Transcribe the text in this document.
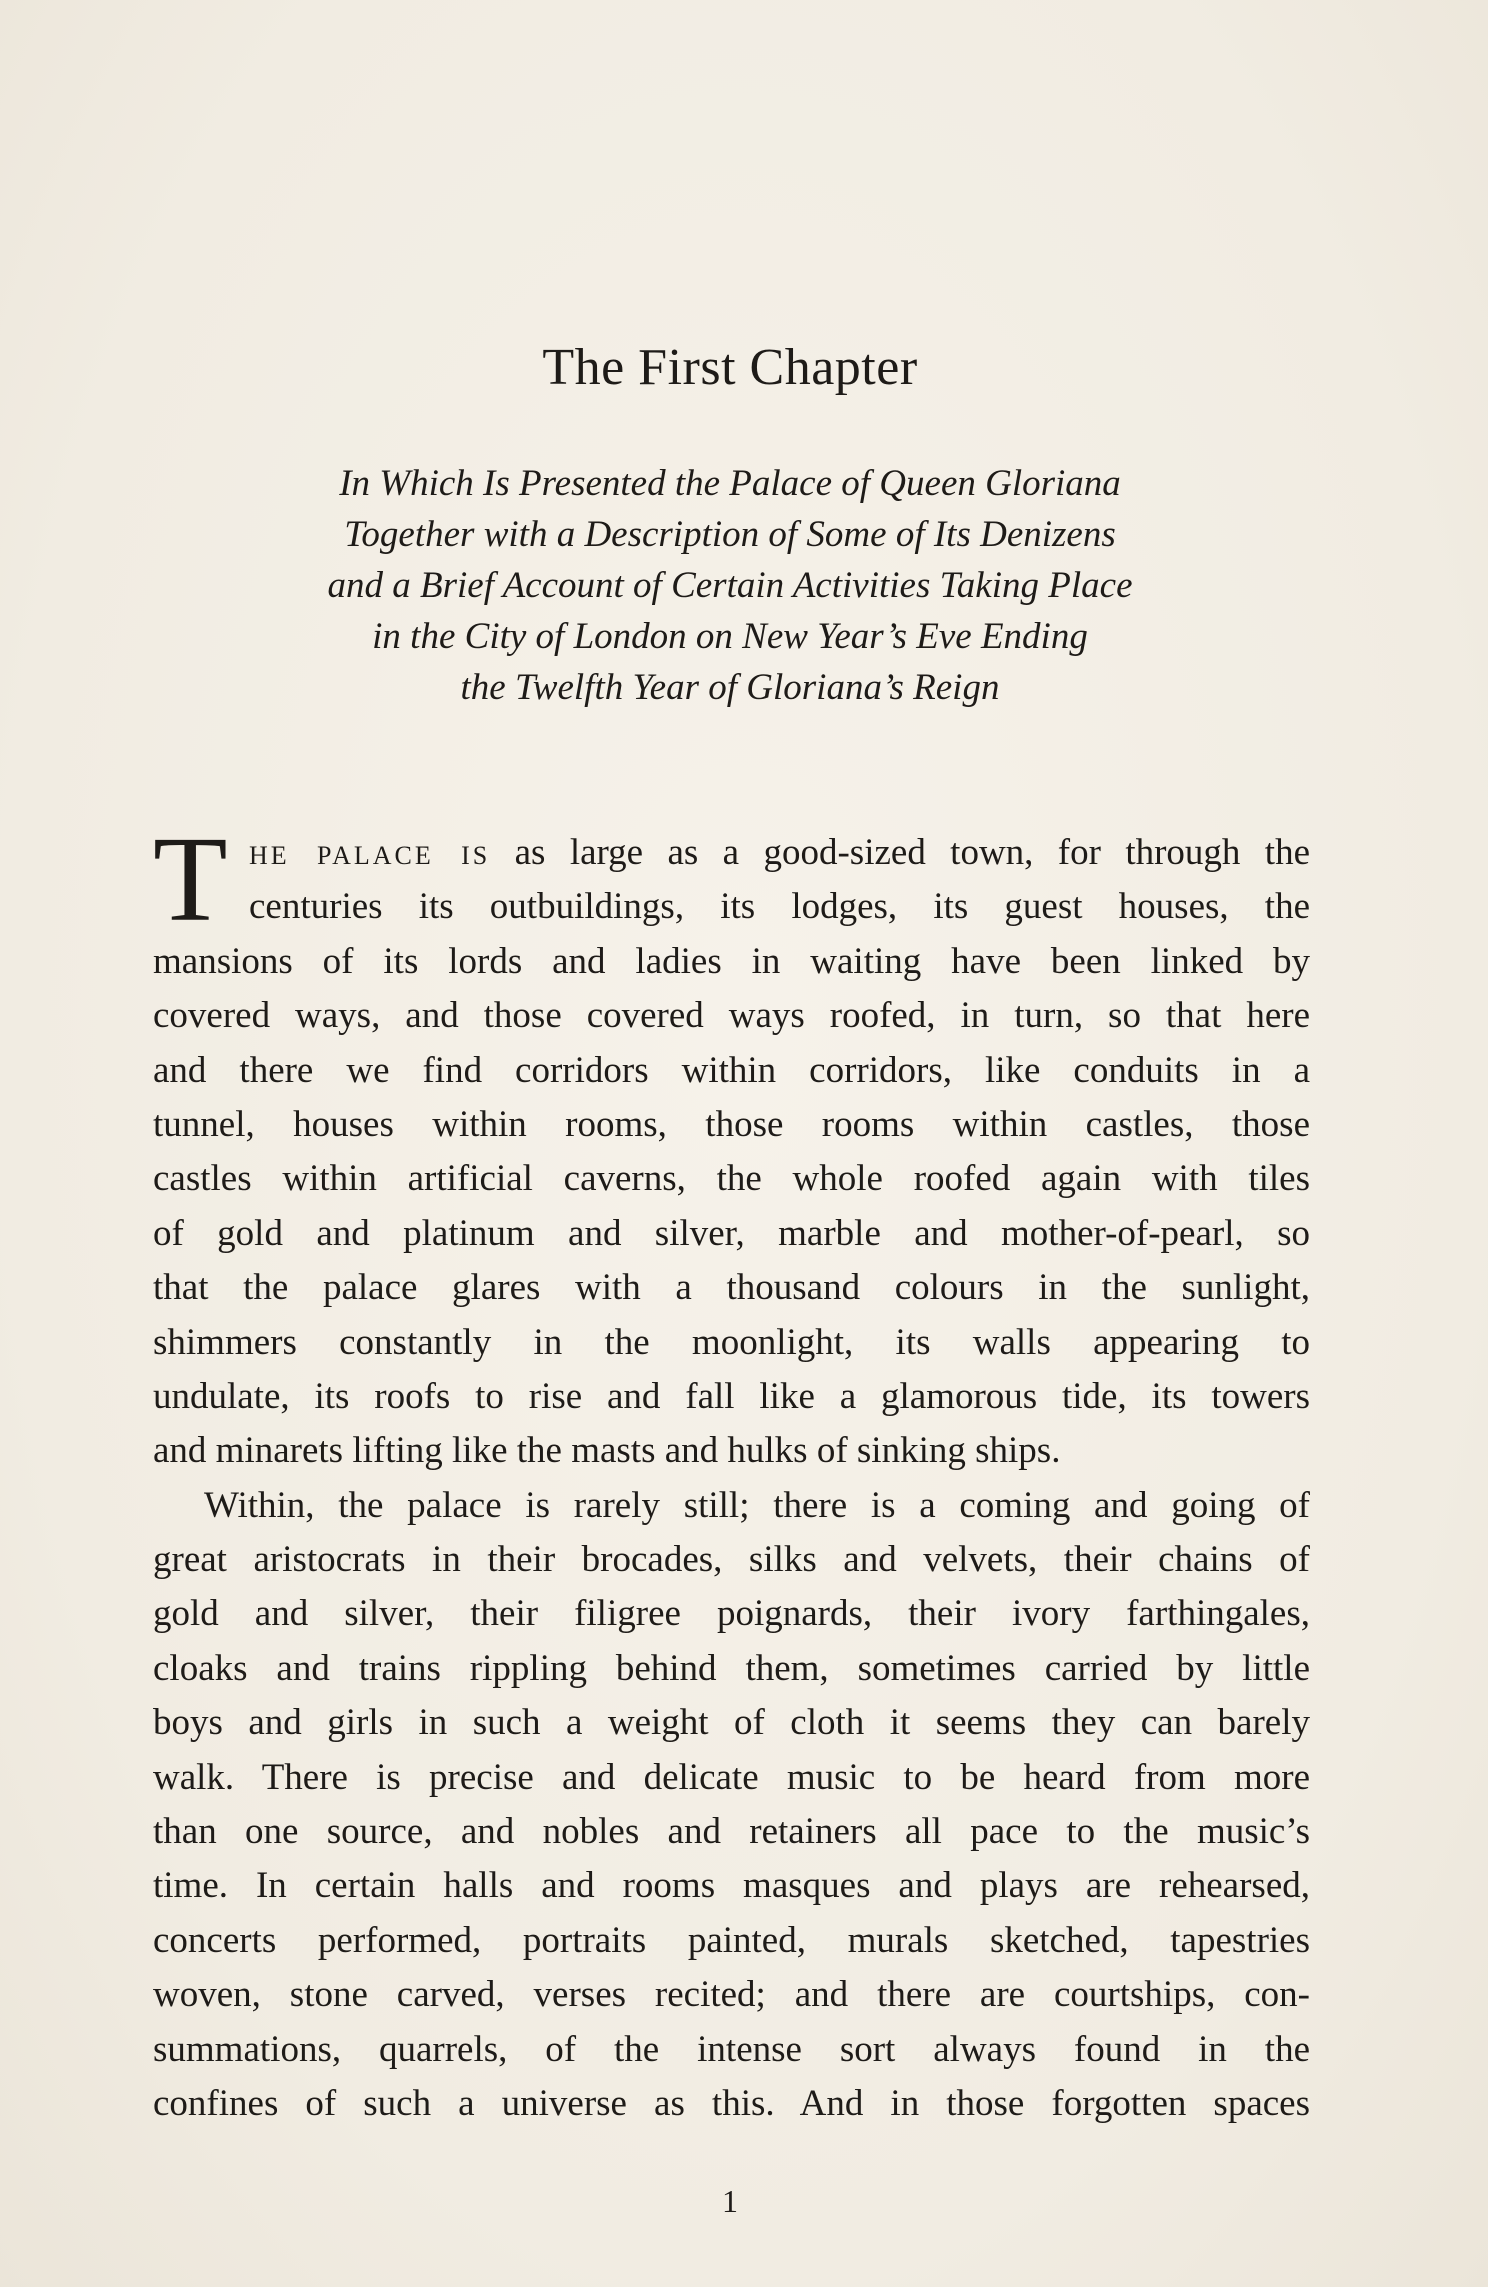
The First Chapter
In Which Is Presented the Palace of Queen Gloriana
Together with a Description of Some of Its Denizens
and a Brief Account of Certain Activities Taking Place
in the City of London on New Year’s Eve Ending
the Twelfth Year of Gloriana’s Reign
T he palace is as large as a good-sized town, for through the
centuries its outbuildings, its lodges, its guest houses, the
mansions of its lords and ladies in waiting have been linked by
covered ways, and those covered ways roofed, in turn, so that here
and there we find corridors within corridors, like conduits in a
tunnel, houses within rooms, those rooms within castles, those
castles within artificial caverns, the whole roofed again with tiles
of gold and platinum and silver, marble and mother-of-pearl, so
that the palace glares with a thousand colours in the sunlight,
shimmers constantly in the moonlight, its walls appearing to
undulate, its roofs to rise and fall like a glamorous tide, its towers
and minarets lifting like the masts and hulks of sinking ships.
Within, the palace is rarely still; there is a coming and going of
great aristocrats in their brocades, silks and velvets, their chains of
gold and silver, their filigree poignards, their ivory farthingales,
cloaks and trains rippling behind them, sometimes carried by little
boys and girls in such a weight of cloth it seems they can barely
walk. There is precise and delicate music to be heard from more
than one source, and nobles and retainers all pace to the music’s
time. In certain halls and rooms masques and plays are rehearsed,
concerts performed, portraits painted, murals sketched, tapestries
woven, stone carved, verses recited; and there are courtships, con-
summations, quarrels, of the intense sort always found in the
confines of such a universe as this. And in those forgotten spaces
1
